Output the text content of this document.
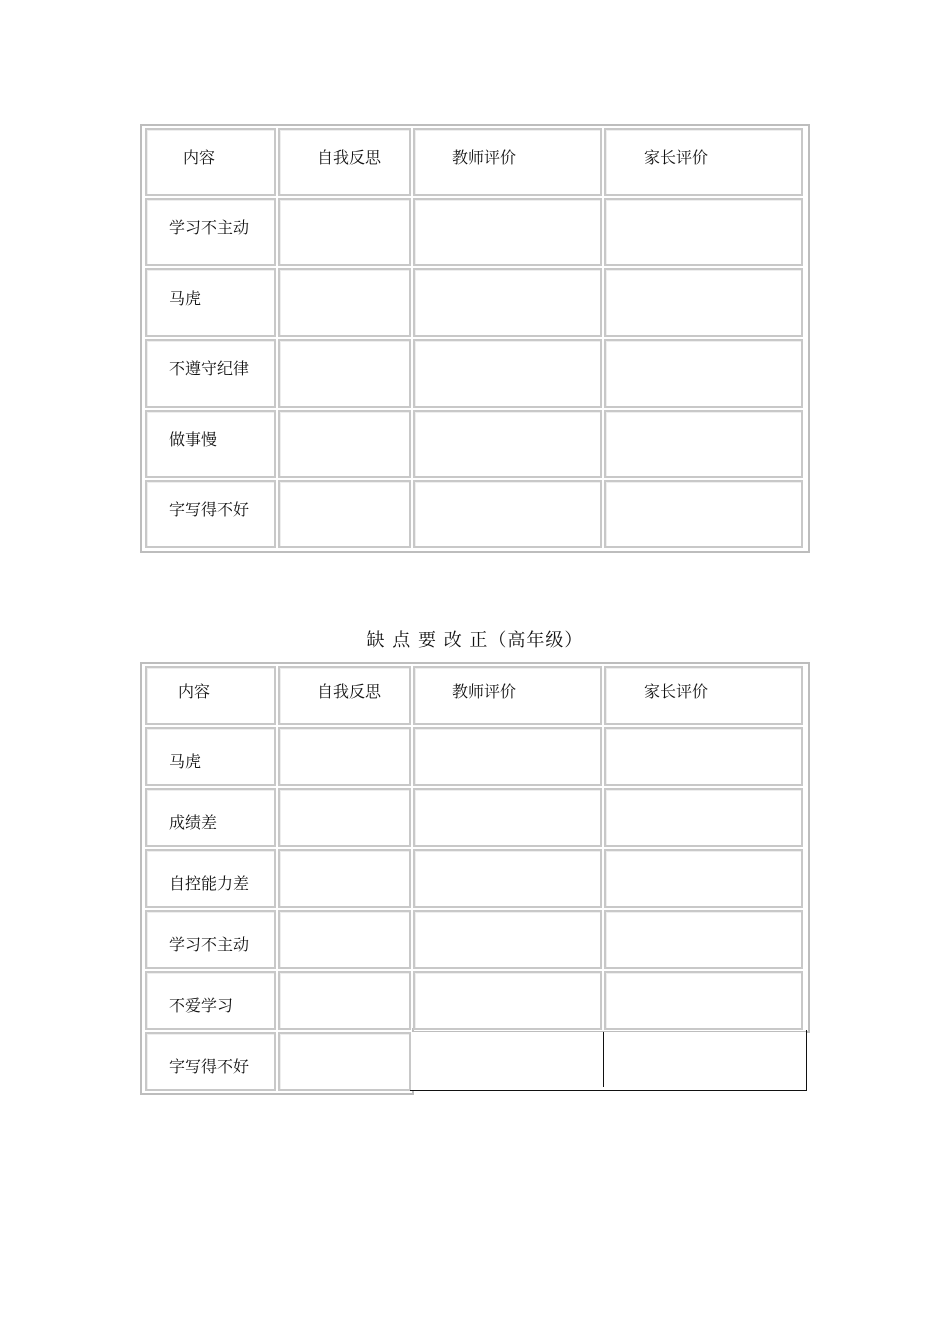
内容	自我反思	教师评价	家长评价
学习不主动
马虎
不遵守纪律
做事慢
字写得不好
缺 点 要 改 正（高年级）
内容	自我反思	教师评价	家长评价
马虎
成绩差
自控能力差
学习不主动
不爱学习
字写得不好
